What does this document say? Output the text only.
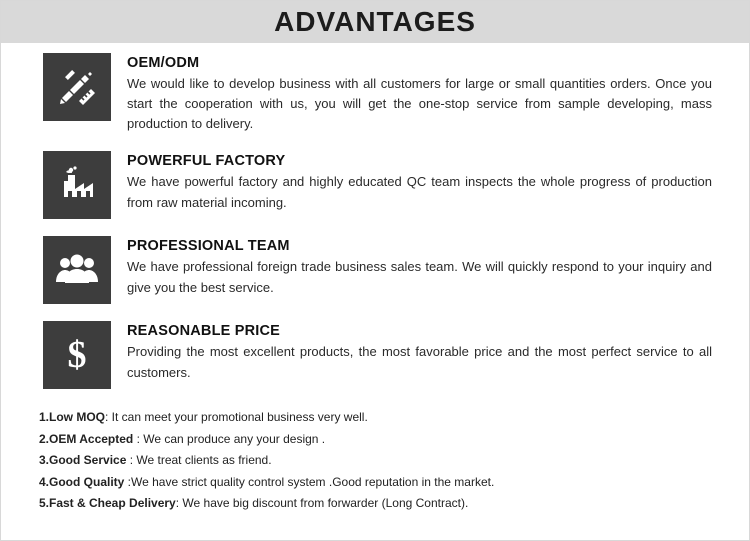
ADVANTAGES

OEM/ODM

We would like to develop business with all customers for large or small quantities orders. Once you start the cooperation with us, you will get the one-stop service from sample developing, mass production to delivery.

POWERFUL FACTORY

We have powerful factory and highly educated QC team inspects the whole progress of production from raw material incoming.

PROFESSIONAL TEAM

We have professional foreign trade business sales team. We will quickly respond to your inquiry and give you the best service.

$

REASONABLE PRICE

Providing the most excellent products, the most favorable price and the most perfect service to all customers.

1.Low MOQ: It can meet your promotional business very well.
2.OEM Accepted : We can produce any your design .
3.Good Service : We treat clients as friend.
4.Good Quality :We have strict quality control system .Good reputation in the market.
5.Fast & Cheap Delivery: We have big discount from forwarder (Long Contract).
